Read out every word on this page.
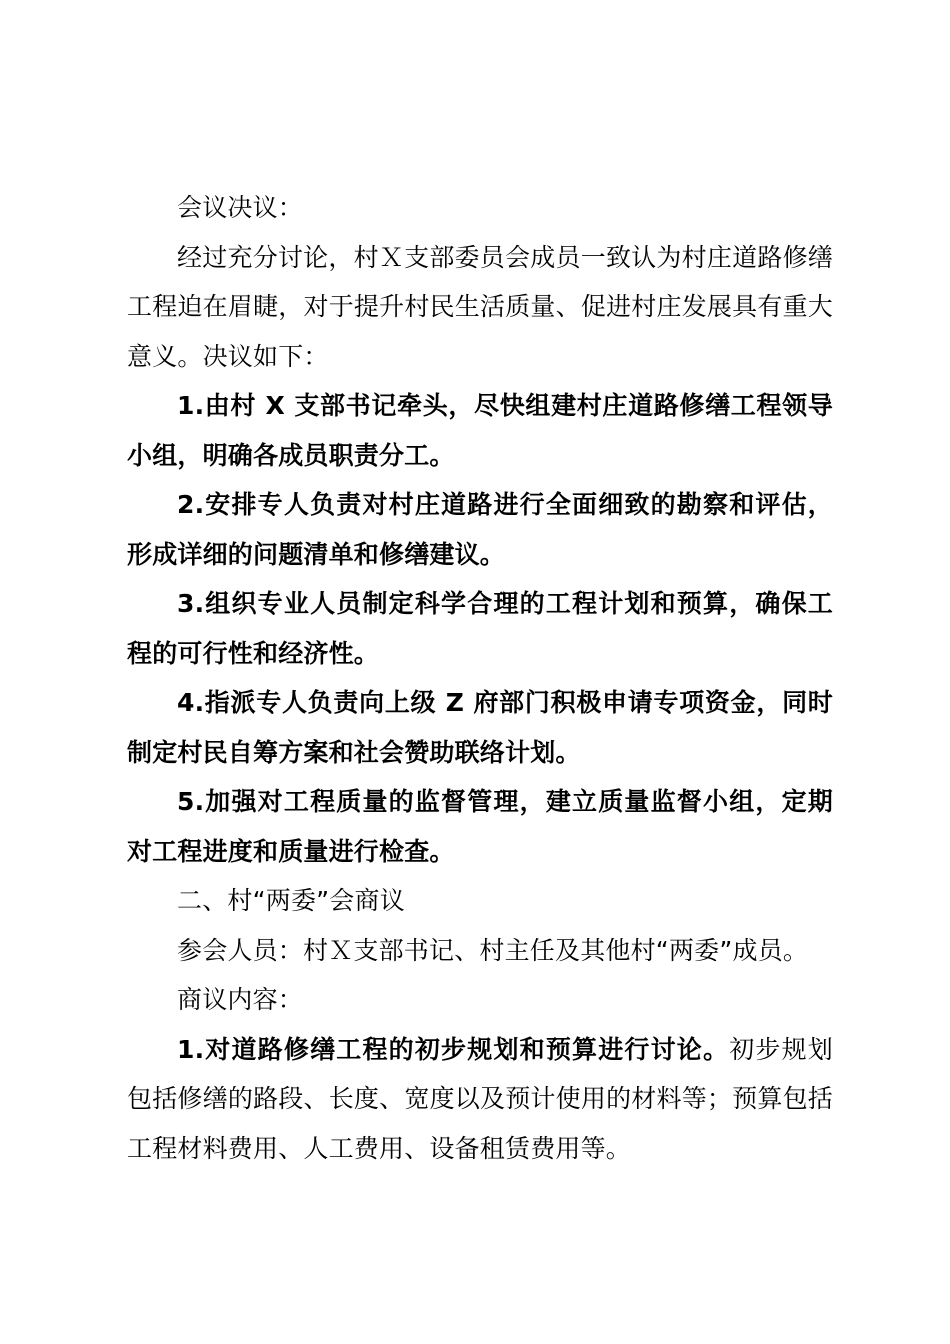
会议决议：

经过充分讨论，村Ｘ支部委员会成员一致认为村庄道路修缮工程迫在眉睫，对于提升村民生活质量、促进村庄发展具有重大意义。决议如下：

1.由村 X 支部书记牵头，尽快组建村庄道路修缮工程领导小组，明确各成员职责分工。

2.安排专人负责对村庄道路进行全面细致的勘察和评估，形成详细的问题清单和修缮建议。

3.组织专业人员制定科学合理的工程计划和预算，确保工程的可行性和经济性。

4.指派专人负责向上级 Z 府部门积极申请专项资金，同时制定村民自筹方案和社会赞助联络计划。

5.加强对工程质量的监督管理，建立质量监督小组，定期对工程进度和质量进行检查。

二、村“两委”会商议

参会人员：村Ｘ支部书记、村主任及其他村“两委”成员。

商议内容：

1.对道路修缮工程的初步规划和预算进行讨论。初步规划包括修缮的路段、长度、宽度以及预计使用的材料等；预算包括工程材料费用、人工费用、设备租赁费用等。
